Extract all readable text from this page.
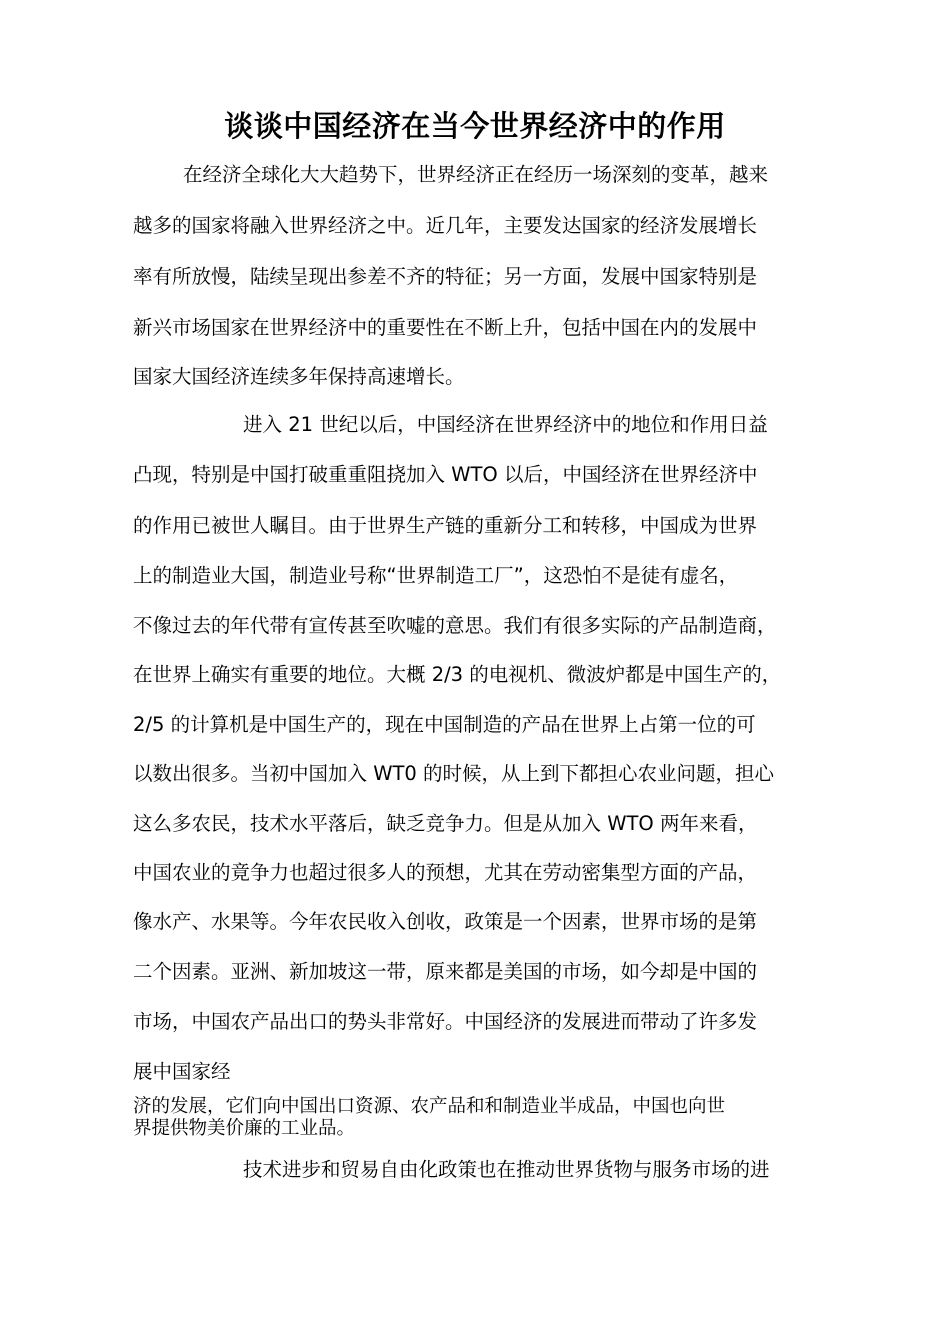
谈谈中国经济在当今世界经济中的作用
在经济全球化大大趋势下，世界经济正在经历一场深刻的变革，越来
越多的国家将融入世界经济之中。近几年，主要发达国家的经济发展增长
率有所放慢，陆续呈现出参差不齐的特征；另一方面，发展中国家特别是
新兴市场国家在世界经济中的重要性在不断上升，包括中国在内的发展中
国家大国经济连续多年保持高速增长。
进入 21 世纪以后，中国经济在世界经济中的地位和作用日益
凸现，特别是中国打破重重阻挠加入 WTO 以后，中国经济在世界经济中
的作用已被世人瞩目。由于世界生产链的重新分工和转移，中国成为世界
上的制造业大国，制造业号称“世界制造工厂”，这恐怕不是徒有虚名，
不像过去的年代带有宣传甚至吹嘘的意思。我们有很多实际的产品制造商，
在世界上确实有重要的地位。大概 2/3 的电视机、微波炉都是中国生产的，
2/5 的计算机是中国生产的，现在中国制造的产品在世界上占第一位的可
以数出很多。当初中国加入 WT0 的时候，从上到下都担心农业问题，担心
这么多农民，技术水平落后，缺乏竞争力。但是从加入 WTO 两年来看，
中国农业的竟争力也超过很多人的预想，尤其在劳动密集型方面的产品，
像水产、水果等。今年农民收入创收，政策是一个因素，世界市场的是第
二个因素。亚洲、新加坡这一带，原来都是美国的市场，如今却是中国的
市场，中国农产品出口的势头非常好。中国经济的发展进而带动了许多发
展中国家经
济的发展，它们向中国出口资源、农产品和和制造业半成品，中国也向世
界提供物美价廉的工业品。
技术进步和贸易自由化政策也在推动世界货物与服务市场的进
